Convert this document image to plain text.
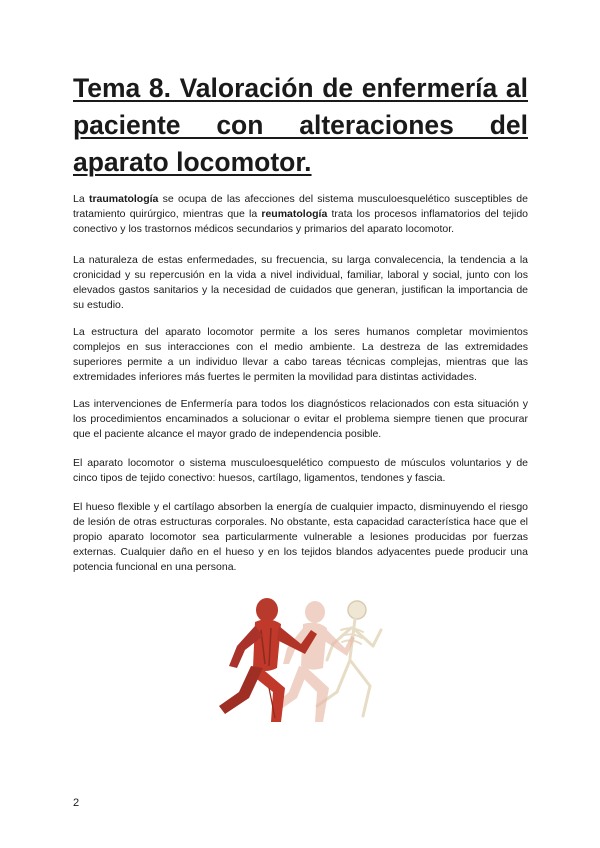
Tema 8. Valoración de enfermería al paciente con alteraciones del aparato locomotor.

La traumatología se ocupa de las afecciones del sistema musculoesquelético susceptibles de tratamiento quirúrgico, mientras que la reumatología trata los procesos inflamatorios del tejido conectivo y los trastornos médicos secundarios y primarios del aparato locomotor.

La naturaleza de estas enfermedades, su frecuencia, su larga convalecencia, la tendencia a la cronicidad y su repercusión en la vida a nivel individual, familiar, laboral y social, junto con los elevados gastos sanitarios y la necesidad de cuidados que generan, justifican la importancia de su estudio.

La estructura del aparato locomotor permite a los seres humanos completar movimientos complejos en sus interacciones con el medio ambiente. La destreza de las extremidades superiores permite a un individuo llevar a cabo tareas técnicas complejas, mientras que las extremidades inferiores más fuertes le permiten la movilidad para distintas actividades.

Las intervenciones de Enfermería para todos los diagnósticos relacionados con esta situación y los procedimientos encaminados a solucionar o evitar el problema siempre tienen que procurar que el paciente alcance el mayor grado de independencia posible.

El aparato locomotor o sistema musculoesquelético compuesto de músculos voluntarios y de cinco tipos de tejido conectivo: huesos, cartílago, ligamentos, tendones y fascia.

El hueso flexible y el cartílago absorben la energía de cualquier impacto, disminuyendo el riesgo de lesión de otras estructuras corporales. No obstante, esta capacidad característica hace que el propio aparato locomotor sea particularmente vulnerable a lesiones producidas por fuerzas externas. Cualquier daño en el hueso y en los tejidos blandos adyacentes puede producir una potencia funcional en una persona.

2
